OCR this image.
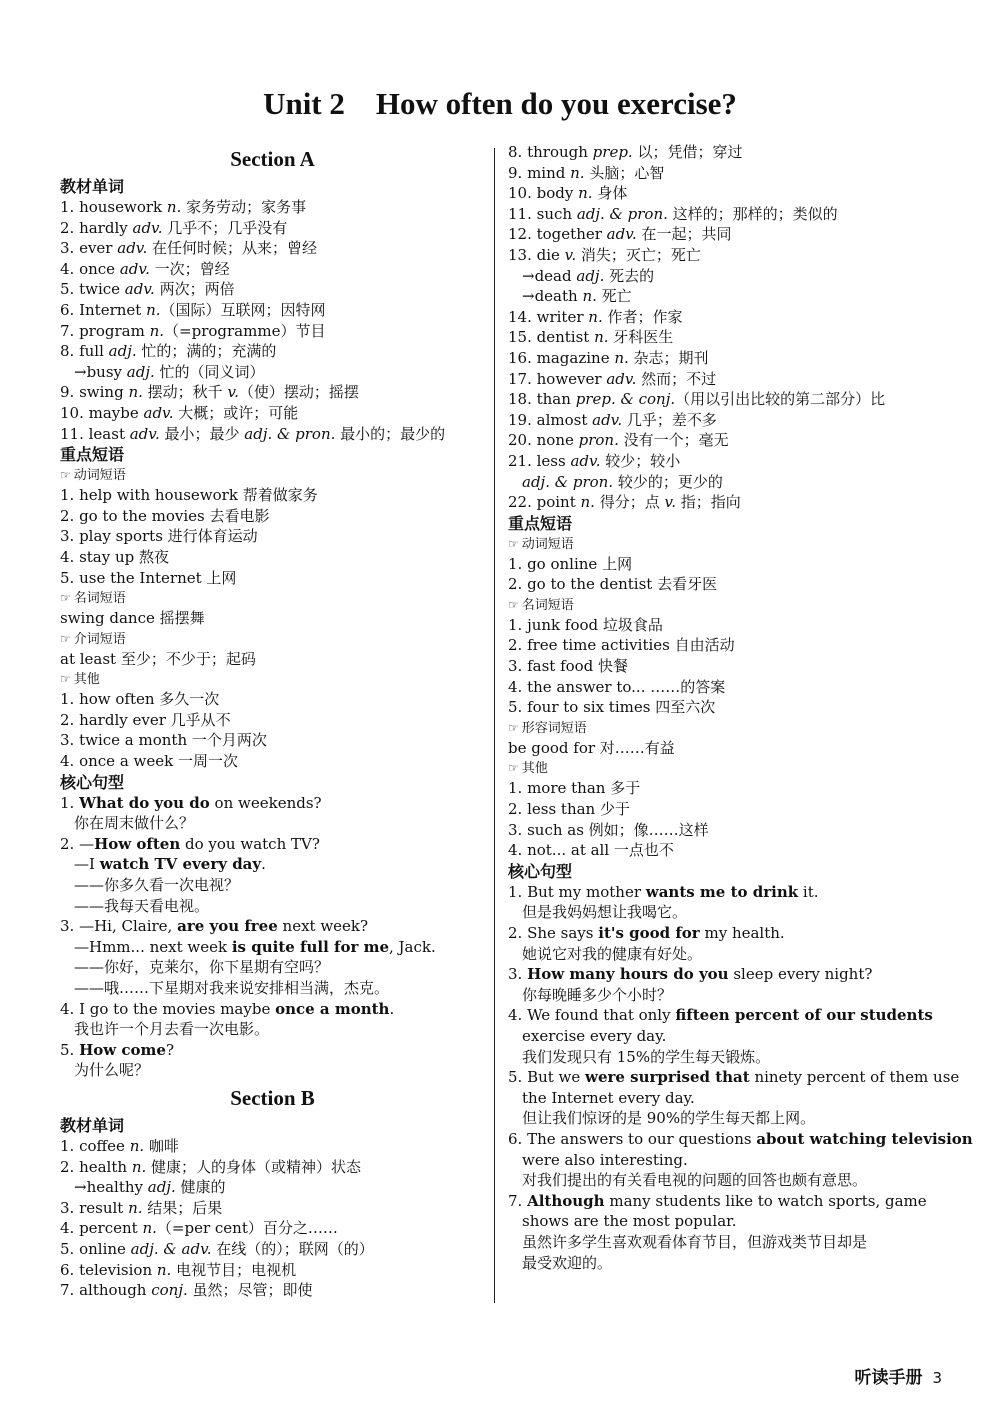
Unit 2    How often do you exercise?
Section A
教材单词
1. housework n. 家务劳动；家务事
2. hardly adv. 几乎不；几乎没有
3. ever adv. 在任何时候；从来；曾经
4. once adv. 一次；曾经
5. twice adv. 两次；两倍
6. Internet n.（国际）互联网；因特网
7. program n.（=programme）节目
8. full adj. 忙的；满的；充满的
→busy adj. 忙的（同义词）
9. swing n. 摆动；秋千 v.（使）摆动；摇摆
10. maybe adv. 大概；或许；可能
11. least adv. 最小；最少 adj. & pron. 最小的；最少的
重点短语
☞ 动词短语
1. help with housework 帮着做家务
2. go to the movies 去看电影
3. play sports 进行体育运动
4. stay up 熬夜
5. use the Internet 上网
☞ 名词短语
swing dance 摇摆舞
☞ 介词短语
at least 至少；不少于；起码
☞ 其他
1. how often 多久一次
2. hardly ever 几乎从不
3. twice a month 一个月两次
4. once a week 一周一次
核心句型
1. What do you do on weekends?
你在周末做什么？
2. —How often do you watch TV?
—I watch TV every day.
——你多久看一次电视？
——我每天看电视。
3. —Hi, Claire, are you free next week?
—Hmm... next week is quite full for me, Jack.
——你好，克莱尔，你下星期有空吗？
——哦……下星期对我来说安排相当满，杰克。
4. I go to the movies maybe once a month.
我也许一个月去看一次电影。
5. How come?
为什么呢？
Section B
教材单词
1. coffee n. 咖啡
2. health n. 健康；人的身体（或精神）状态
→healthy adj. 健康的
3. result n. 结果；后果
4. percent n.（=per cent）百分之……
5. online adj. & adv. 在线（的）；联网（的）
6. television n. 电视节目；电视机
7. although conj. 虽然；尽管；即使
8. through prep. 以；凭借；穿过
9. mind n. 头脑；心智
10. body n. 身体
11. such adj. & pron. 这样的；那样的；类似的
12. together adv. 在一起；共同
13. die v. 消失；灭亡；死亡
→dead adj. 死去的
→death n. 死亡
14. writer n. 作者；作家
15. dentist n. 牙科医生
16. magazine n. 杂志；期刊
17. however adv. 然而；不过
18. than prep. & conj.（用以引出比较的第二部分）比
19. almost adv. 几乎；差不多
20. none pron. 没有一个；毫无
21. less adv. 较少；较小
adj. & pron. 较少的；更少的
22. point n. 得分；点 v. 指；指向
重点短语
☞ 动词短语
1. go online 上网
2. go to the dentist 去看牙医
☞ 名词短语
1. junk food 垃圾食品
2. free time activities 自由活动
3. fast food 快餐
4. the answer to... ……的答案
5. four to six times 四至六次
☞ 形容词短语
be good for 对……有益
☞ 其他
1. more than 多于
2. less than 少于
3. such as 例如；像……这样
4. not... at all 一点也不
核心句型
1. But my mother wants me to drink it.
但是我妈妈想让我喝它。
2. She says it's good for my health.
她说它对我的健康有好处。
3. How many hours do you sleep every night?
你每晚睡多少个小时？
4. We found that only fifteen percent of our students
exercise every day.
我们发现只有 15%的学生每天锻炼。
5. But we were surprised that ninety percent of them use
the Internet every day.
但让我们惊讶的是 90%的学生每天都上网。
6. The answers to our questions about watching television
were also interesting.
对我们提出的有关看电视的问题的回答也颇有意思。
7. Although many students like to watch sports, game
shows are the most popular.
虽然许多学生喜欢观看体育节目，但游戏类节目却是
最受欢迎的。
听读手册 3
